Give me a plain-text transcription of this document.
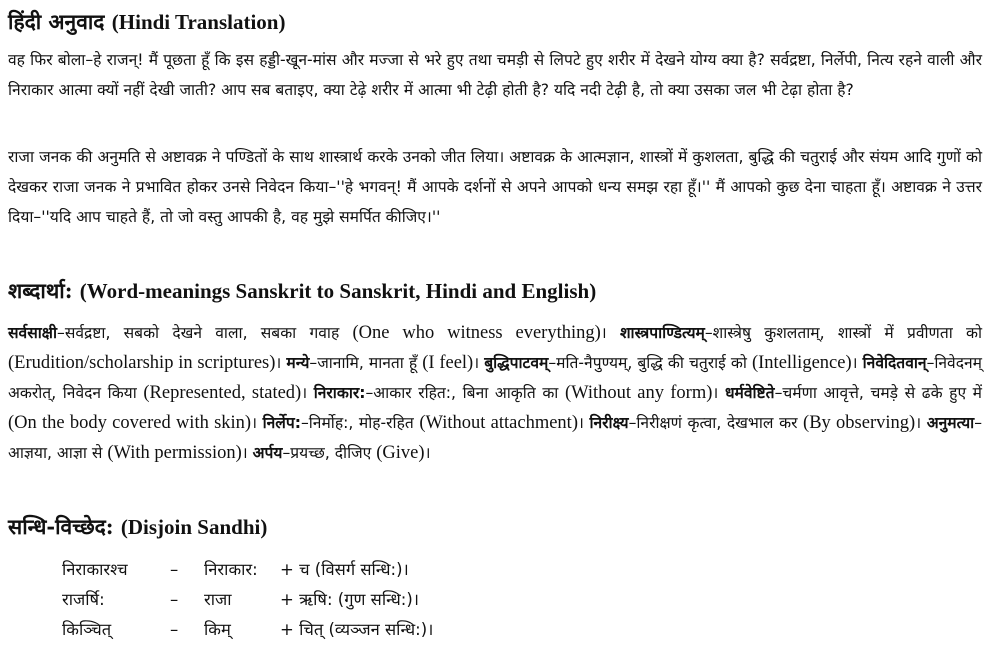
हिंदी अनुवाद (Hindi Translation)
वह फिर बोला–हे राजन्! मैं पूछता हूँ कि इस हड्डी-खून-मांस और मज्जा से भरे हुए तथा चमड़ी से लिपटे हुए शरीर में देखने योग्य क्या है? सर्वद्रष्टा, निर्लेपी, नित्य रहने वाली और निराकार आत्मा क्यों नहीं देखी जाती? आप सब बताइए, क्या टेढ़े शरीर में आत्मा भी टेढ़ी होती है? यदि नदी टेढ़ी है, तो क्या उसका जल भी टेढ़ा होता है?
राजा जनक की अनुमति से अष्टावक्र ने पण्डितों के साथ शास्त्रार्थ करके उनको जीत लिया। अष्टावक्र के आत्मज्ञान, शास्त्रों में कुशलता, बुद्धि की चतुराई और संयम आदि गुणों को देखकर राजा जनक ने प्रभावित होकर उनसे निवेदन किया–''हे भगवन्! मैं आपके दर्शनों से अपने आपको धन्य समझ रहा हूँ।'' मैं आपको कुछ देना चाहता हूँ। अष्टावक्र ने उत्तर दिया–''यदि आप चाहते हैं, तो जो वस्तु आपकी है, वह मुझे समर्पित कीजिए।''
शब्दार्था: (Word-meanings Sanskrit to Sanskrit, Hindi and English)
सर्वसाक्षी–सर्वद्रष्टा, सबको देखने वाला, सबका गवाह (One who witness everything)। शास्त्रपाण्डित्यम्–शास्त्रेषु कुशलताम्, शास्त्रों में प्रवीणता को (Erudition/scholarship in scriptures)। मन्ये–जानामि, मानता हूँ (I feel)। बुद्धिपाटवम्–मति-नैपुण्यम्, बुद्धि की चतुराई को (Intelligence)। निवेदितवान्–निवेदनम् अकरोत्, निवेदन किया (Represented, stated)। निराकार:–आकार रहित:, बिना आकृति का (Without any form)। धर्मवेष्टिते–चर्मणा आवृत्ते, चमड़े से ढके हुए में (On the body covered with skin)। निर्लेप:–निर्मोह:, मोह-रहित (Without attachment)। निरीक्ष्य–निरीक्षणं कृत्वा, देखभाल कर (By observing)। अनुमत्या–आज्ञया, आज्ञा से (With permission)। अर्पय–प्रयच्छ, दीजिए (Give)।
सन्धि-विच्छेद: (Disjoin Sandhi)
निराकारश्च	– निराकार: + च (विसर्ग सन्धि:)।
राजर्षि:	– राजा	+ ऋषि: (गुण सन्धि:)।
किञ्चित्	– किम्	+ चित् (व्यञ्जन सन्धि:)।
